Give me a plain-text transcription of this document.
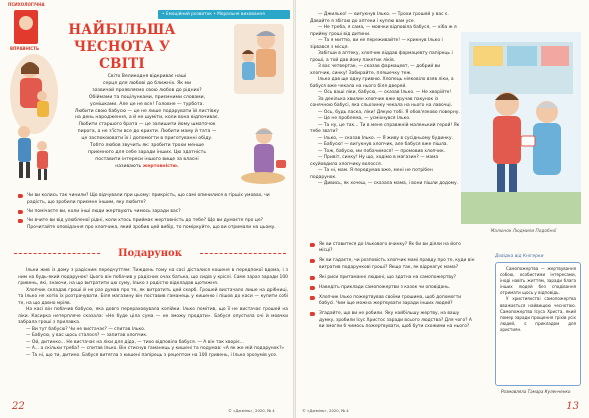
ПСИХОЛОГІЧНА
ВПРАВНІСТЬ
• Емоційний розвиток • Моральне виховання
НАЙБІЛЬША ЧЕСНОТА У СВІТІ
Світо Великодня відкриває наші
серця для любові до ближніх. Як ми
зазвичай проявляємо свою любов до рідних?
Обіймами та поцілунками, приємними словами,
усмішками. Але це не все! Головне — турбота.
Любити свою бабусю — це не лише подарувати їй листівку
на день народження, а й не шуміти, коли вона відпочиває.
Любити старшого брата — це залишити йому шматочок
пирога, а не з'їсти все до крихти. Любити маму й тата —
це заспокоювати їх і допомогти в приготуванні обіду.
Тобто любов звучить як: зробити трохи менше
приємного для себе заради інших. Цю здатність
поставити інтереси іншого вище за власні
називають жертовністю.
Чи ви колись так чинили? Що відчували при цьому: прикрість, що самі опинилися в гіршіх умовах, чи радість, що зробили приємне іншим, яку любите?
Чи помічаєте ви, коли інші люди жертвують чимось заради вас?
Чи вчите ви від улюбленої рідні, коли хтось приймає жертовність до тебе? Що ви думаєте про це? Прочитайте оповідання про хлопчика, який зробив цей вибір, то поміркуйте, що ви отримали на цьому.
Подарунок

Ільки жив із дому з радісним передчуттям: Тиждень тому на сасі дісталися кошеня в передпокої вдома, і з ним на будь-який подарунок! Цього він побачив у радісних очах батька, що сидів у кріслі. Саме зараз заради 100 гривень, які, знаючи, на що витратити цю суму, Ілько з радістю відкладав щотижня.

Хлопчик складав гроші й не раз думав про те, як витратить цей скарб. Грошей вистачало лише на дрібниці, та Ілько не хотів їх розтрачувати. Біля магазину він поставив гаманець у кишеню і пішов до каси — купити собі те, на що давно мріяв.

На касі він побачив бабусю, яка довго перераховувала копійки. Ілько помітив, що її не вистачає грошей на ліки. Касирка нетерпляче сказала: «Не буде ціла сума — не зможу продати». Бабуся опустила очі й мовчки забрала гроші з прилавка.

— Ви тут бабусю? Чи не вистачає? — спитав Ілько.

— Бабусю, у вас щось сталося? — запитав хлопчик.

— Ой, дитинко... Не вистачає на ліки для діда, — тихо відповіла бабуся. — А він так хворіє...

— А... а скільки треба? — спитав Ілько. Він стиснув гаманець у кишені та подумав: «А як же мій подарунок?»

— Та ні, що ти, дитино. Бабуся витягла з кишені папірець з рецептом на 100 гривень, і Ілько зрозумів усе.

22	© «Джміль», 2020, № 4

— Джилько! — вигукнув Ілько. — Трохи грошей у вас є. Давайте я збігаю до аптеки і куплю вам усе.

— Не треба, я сама, — мовчки відповіла бабуся, — хіба ж я прийму гроші від дитини.

— Та я миттю, ви не переживайте! — крикнув Ілько і зірвався з місця.

Забігши в аптеку, хлопчик віддав фармацевту папірець і гроші, а той дав йому пакетик ліків.

З вас четвертак, — сказав фармацевт, — добрий ви хлопчик, синку! Забирайте, пляшечку теж.

Ілько дав ще одну гривню. Хлопець ніяковіло взяв ліки, а бабуся вже чекала на нього біля дверей.

— Ось ваші ліки, бабусю, — сказав Ілько. — Не хворійте!

За декілька хвилин хлопчик вже вручав пакунок із сонячною бабусі, яка сльозинку чекала на нього на лавочці.

— Ось, будь ласка, ліки! Дякую тобі. Я обов'язково поверну.

— Це не проблема, — усміхнувся Ілько.

— Та ну, це так... Ти в мене справжній маленький герой! Як тебе звати?

— Ілько, — сказав Ілько. — Я живу в сусідньому будинку.

— Бабусю! — вигукнув хлопчик, але бабуся вже пішла.

— Тож, бабусю, ми побачимося! — промовив хлопчик.

— Привіт, синку! Ну що, ходімо в магазин? — мама скуйовдила хлопчику волосся.

— Та ні, мам. Я передумав вже, мені не потрібен подарунок.

— Дивись, як хочеш, — сказала мама, і вони пішли додому.

Малюнок Людмили Подобної
Як ви ставитеся до Ількового вчинку? Як би ви діяли на його місці?
Як ви гадаєте, чи розповість хлопчик мамі правду про те, куди він витратив подарункові гроші? Якщо так, як відреагує мама?
Які риси притаманні людині, що здатна на самопожертву?
Наведіть приклади самопожертви з казок чи оповідань.
Хлопчик Ілько пожертвував своїми грошима, щоб допомогти бабусі. Чим іще можна жертвувати заради інших людей?
Згадайте, що ви не робили. Яку найбільшу жертву, на вашу думку, зробили Ісус Христос заради всього людства? Для чого? А ви змогли б чимось пожертвувати, щоб бути схожими на нього?
Довідка від Кнігерки

Самопожертва — жертвування собою, особистими інтересами, іноді навіть життям, заради блага інших людей без сподівання отримати щось у відповідь.

У християнстві самопожертва вважається найвищою чеснотою. Самопожертва Ісуса Христа, який помер заради прощення гріхів усіх людей, є прикладом для християн.

Розмовляла Тамара Куленченко
© «Джміль», 2020, № 4	13
